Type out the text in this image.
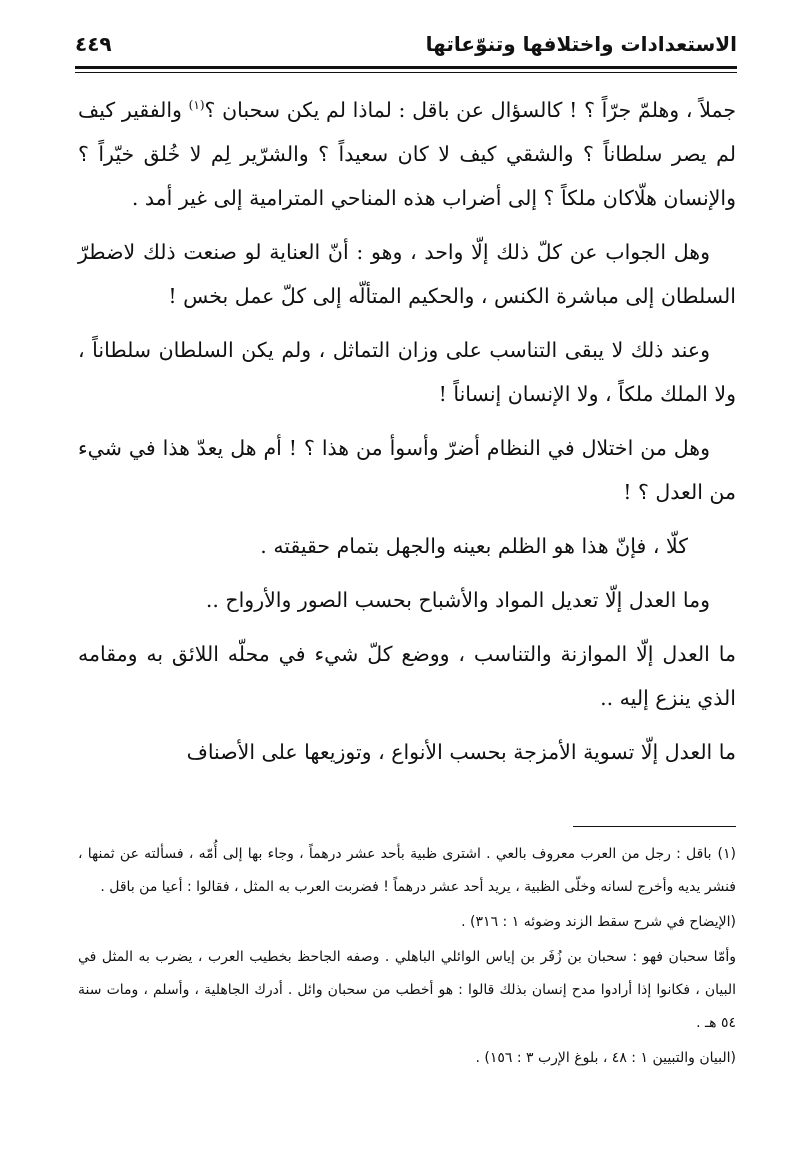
الاستعدادات واختلافها وتنوّعاتها
٤٤٩

جملاً ، وهلمّ جرّاً ؟ ! كالسؤال عن باقل : لماذا لم يكن سحبان ؟$^{(١)}$ والفقير كيف لم يصر سلطاناً ؟ والشقي كيف لا كان سعيداً ؟ والشرّير لِم لا خُلق خيّراً ؟ والإنسان هلّاكان ملكاً ؟ إلى أضراب هذه المناحي المترامية إلى غير أمد .

وهل الجواب عن كلّ ذلك إلّا واحد ، وهو : أنّ العناية لو صنعت ذلك لاضطرّ السلطان إلى مباشرة الكنس ، والحكيم المتألّه إلى كلّ عمل بخس !

وعند ذلك لا يبقى التناسب على وزان التماثل ، ولم يكن السلطان سلطاناً ، ولا الملك ملكاً ، ولا الإنسان إنساناً !

وهل من اختلال في النظام أضرّ وأسوأ من هذا ؟ ! أم هل يعدّ هذا في شيء من العدل ؟ !

كلّا ، فإنّ هذا هو الظلم بعينه والجهل بتمام حقيقته .

وما العدل إلّا تعديل المواد والأشباح بحسب الصور والأرواح ..

ما العدل إلّا الموازنة والتناسب ، ووضع كلّ شيء في محلّه اللائق به ومقامه الذي ينزع إليه ..

ما العدل إلّا تسوية الأمزجة بحسب الأنواع ، وتوزيعها على الأصناف

(١)باقل : رجل من العرب معروف بالعي . اشترى ظبية بأحد عشر درهماً ، وجاء بها إلى أُمّه ، فسألته عن ثمنها ، فنشر يديه وأخرج لسانه وخلّى الظبية ، يريد أحد عشر درهماً ! فضربت العرب به المثل ، فقالوا : أعيا من باقل .

(الإيضاح في شرح سقط الزند وضوئه ١ : ٣١٦) .

وأمّا سحبان فهو : سحبان بن زُفَر بن إياس الوائلي الباهلي . وصفه الجاحظ بخطيب العرب ، يضرب به المثل في البيان ، فكانوا إذا أرادوا مدح إنسان بذلك قالوا : هو أخطب من سحبان وائل . أدرك الجاهلية ، وأسلم ، ومات سنة ٥٤ هـ .

(البيان والتبيين ١ : ٤٨ ، بلوغ الإرب ٣ : ١٥٦) .
